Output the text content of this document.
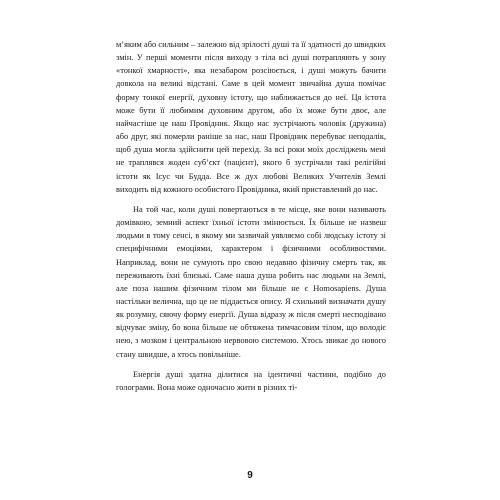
м’яким або сильним – залежно від зрілості душі та її здатності до швидких змін. У перші моменти після виходу з тіла всі душі потрапляють у зону «тонкої хмарності», яка незабаром розсіюється, і душі можуть бачити довкола на великі відстані. Саме в цей момент звичайна душа помічає форму тонкої енергії, духовну істоту, що наближається до неї. Ця істота може бути її любимим духовним другом, або їх може бути двоє, але найчастіше це наш Провідник. Якщо нас зустрічають чоловік (дружина) або друг, які померли раніше за нас, наш Провідник перебуває неподалік, щоб душа могла здійснити цей перехід. За всі роки моїх досліджень мені не траплявся жоден суб’єкт (пацієнт), якого б зустрічали такі релігійні істоти як Ісус чи Будда. Все ж дух любові Великих Учителів Землі виходить від кожного особистого Провідника, який приставлений до нас.

На той час, коли душі повертаються в те місце, яке вони називають домівкою, земний аспект їхньої істоти змінюється. Їх більше не назвеш людьми в тому сенсі, в якому ми зазвичай уявляємо собі людську істоту зі специфічними емоціями, характером і фізичними особливостями. Наприклад, вони не сумують про свою недавню фізичну смерть так, як переживають їхні близькі. Саме наша душа робить нас людьми на Землі, але поза нашим фізичним тілом ми більше не є Homosapiens. Душа настільки велична, що це не піддається опису. Я схильний визначати душу як розумну, сяючу форму енергії. Душа відразу ж після смерті несподівано відчуває зміну, бо вона більше не обтяжена тимчасовим тілом, що володіє нею, з мозком і центральною нервовою системою. Хтось звикає до нового стану швидше, а хтось повільніше.

Енергія душі здатна ділитися на ідентичні частини, подібно до голограми. Вона може одночасно жити в різних ті-

9
